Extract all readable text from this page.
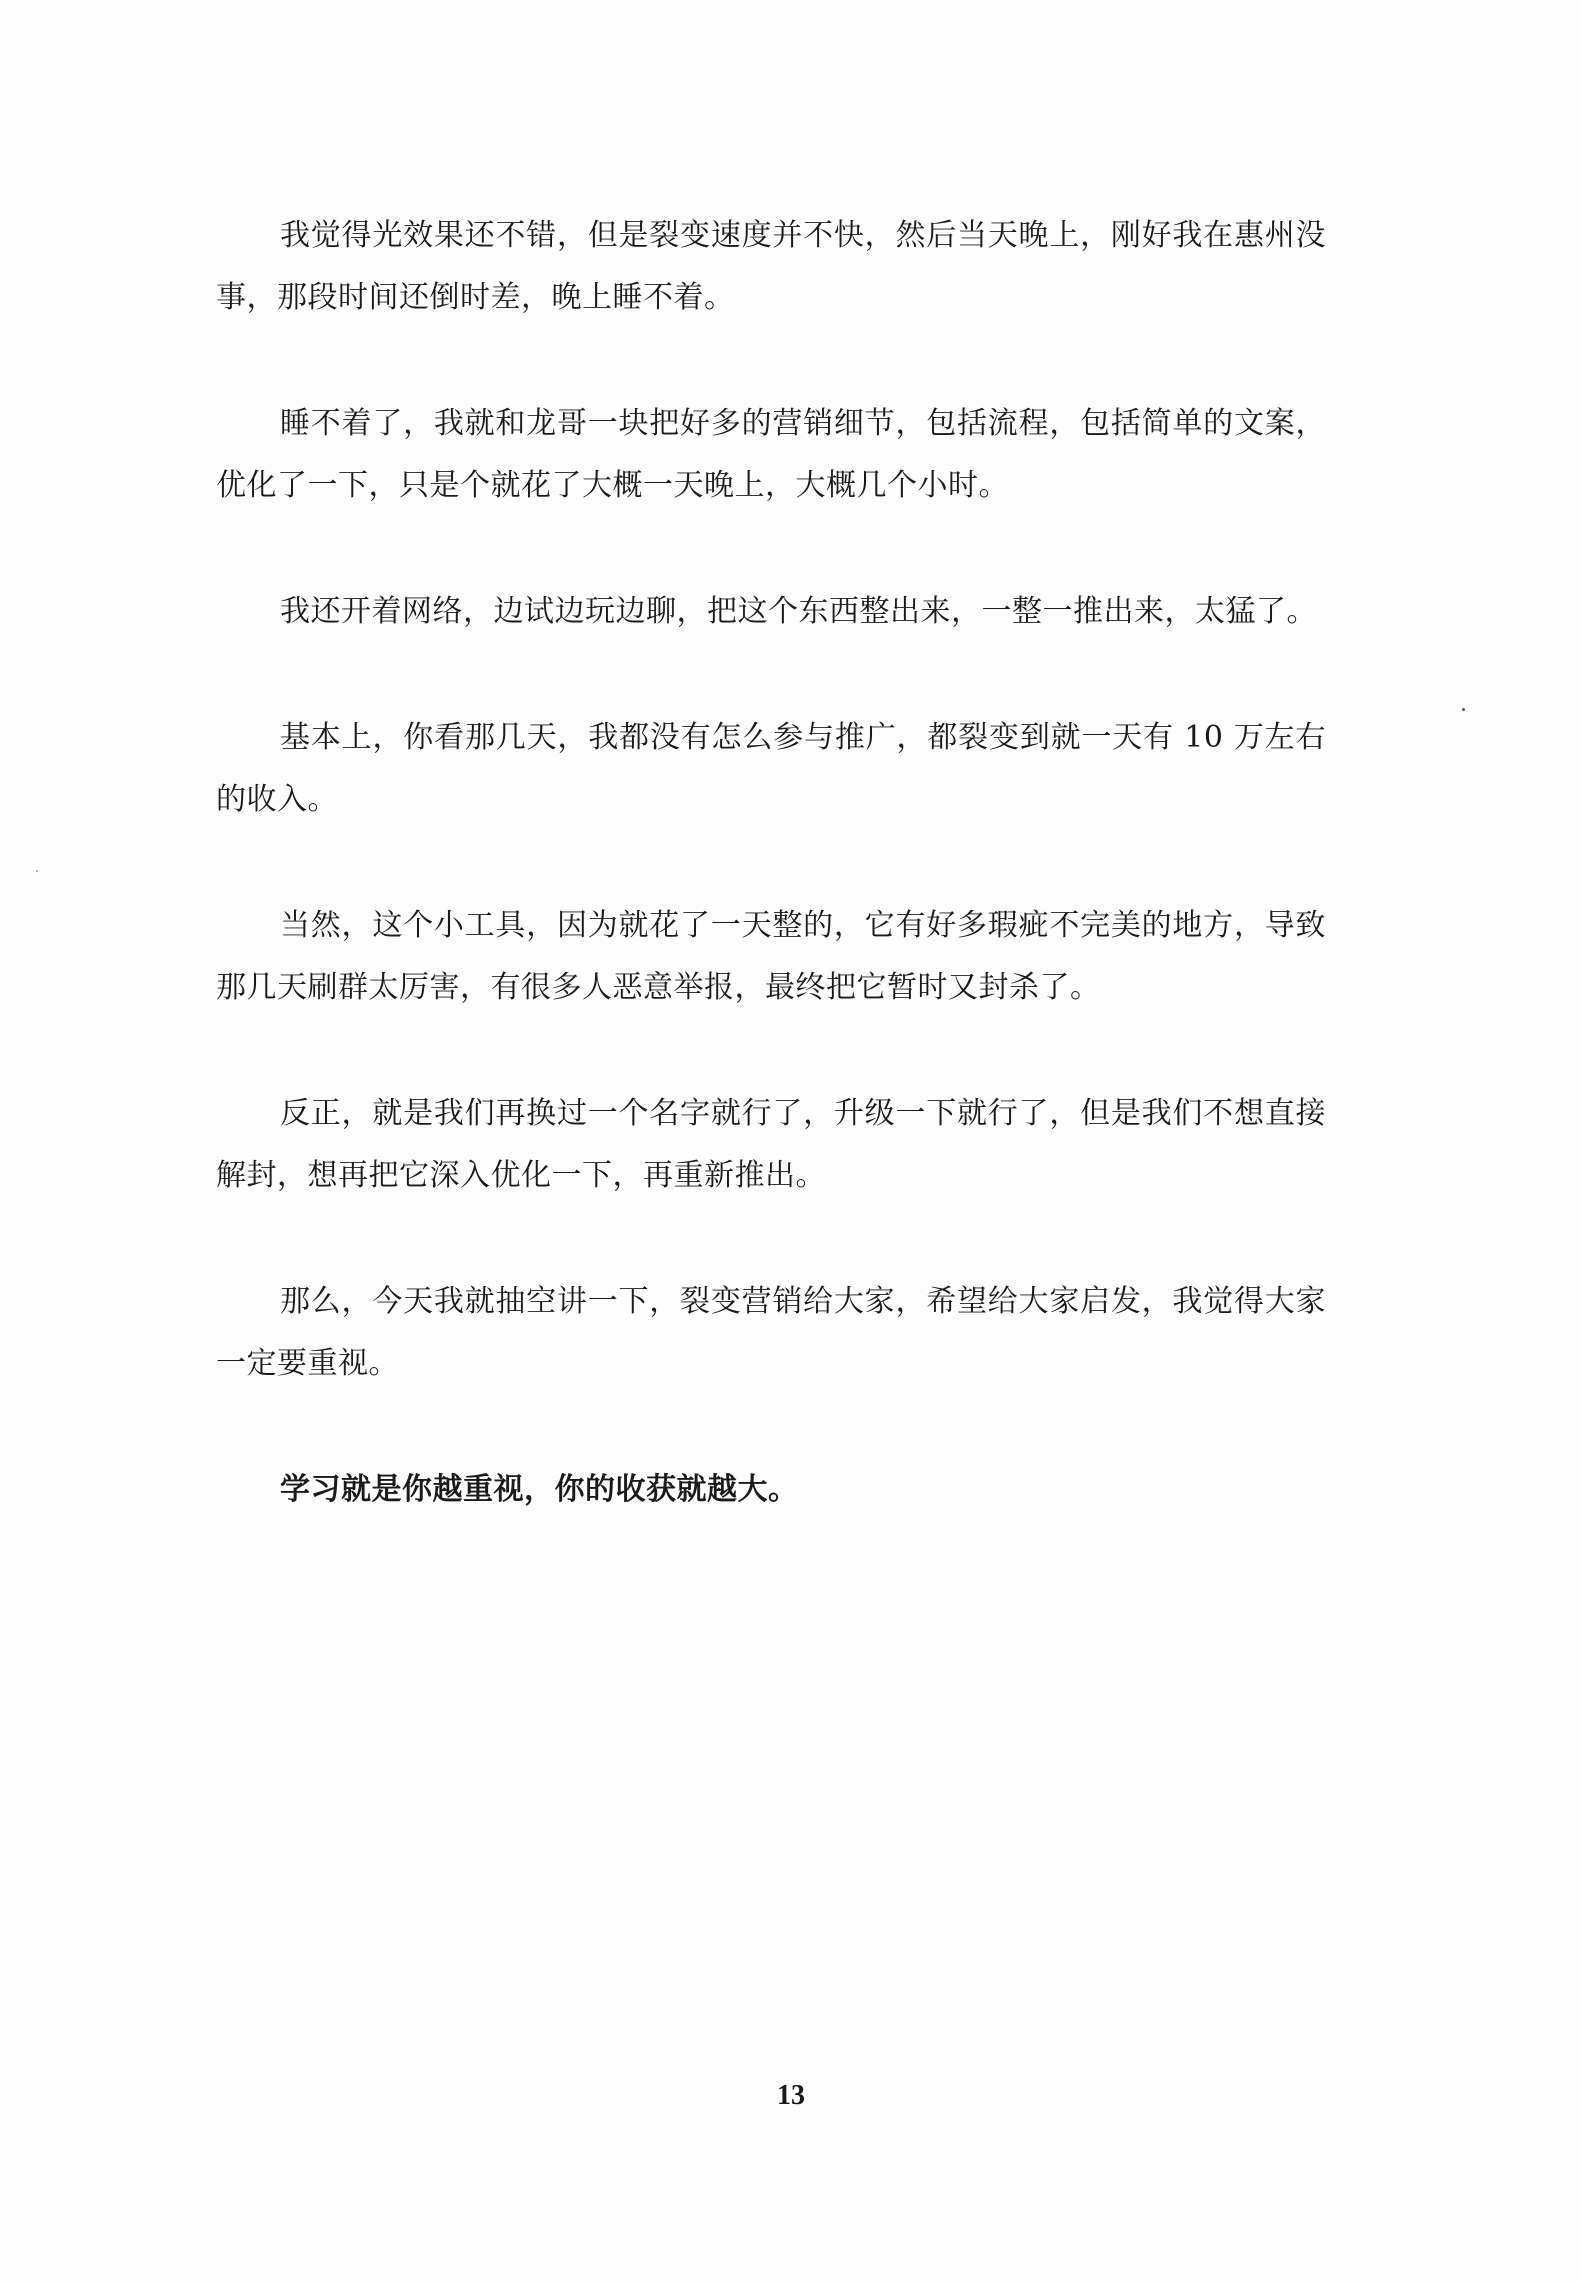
我觉得光效果还不错，但是裂变速度并不快，然后当天晚上，刚好我在惠州没事，那段时间还倒时差，晚上睡不着。

睡不着了，我就和龙哥一块把好多的营销细节，包括流程，包括简单的文案，优化了一下，只是个就花了大概一天晚上，大概几个小时。

我还开着网络，边试边玩边聊，把这个东西整出来，一整一推出来，太猛了。

基本上，你看那几天，我都没有怎么参与推广，都裂变到就一天有 10 万左右的收入。

当然，这个小工具，因为就花了一天整的，它有好多瑕疵不完美的地方，导致那几天刷群太厉害，有很多人恶意举报，最终把它暂时又封杀了。

反正，就是我们再换过一个名字就行了，升级一下就行了，但是我们不想直接解封，想再把它深入优化一下，再重新推出。

那么，今天我就抽空讲一下，裂变营销给大家，希望给大家启发，我觉得大家一定要重视。

学习就是你越重视，你的收获就越大。

13
